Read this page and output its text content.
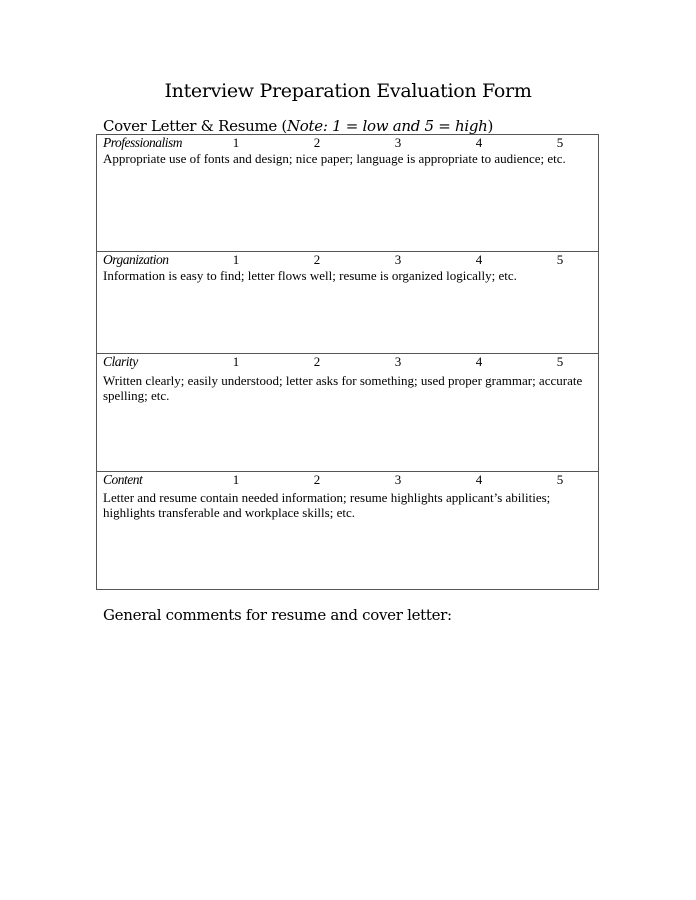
Interview Preparation Evaluation Form
Cover Letter & Resume (Note: 1 = low and 5 = high)
Professionalism	1	2	3	4	5
Appropriate use of fonts and design; nice paper; language is appropriate to audience; etc.
Organization	1	2	3	4	5
Information is easy to find; letter flows well; resume is organized logically; etc.
Clarity	1	2	3	4	5
Written clearly; easily understood; letter asks for something; used proper grammar; accurate spelling; etc.
Content	1	2	3	4	5
Letter and resume contain needed information; resume highlights applicant’s abilities; highlights transferable and workplace skills; etc.
General comments for resume and cover letter:
